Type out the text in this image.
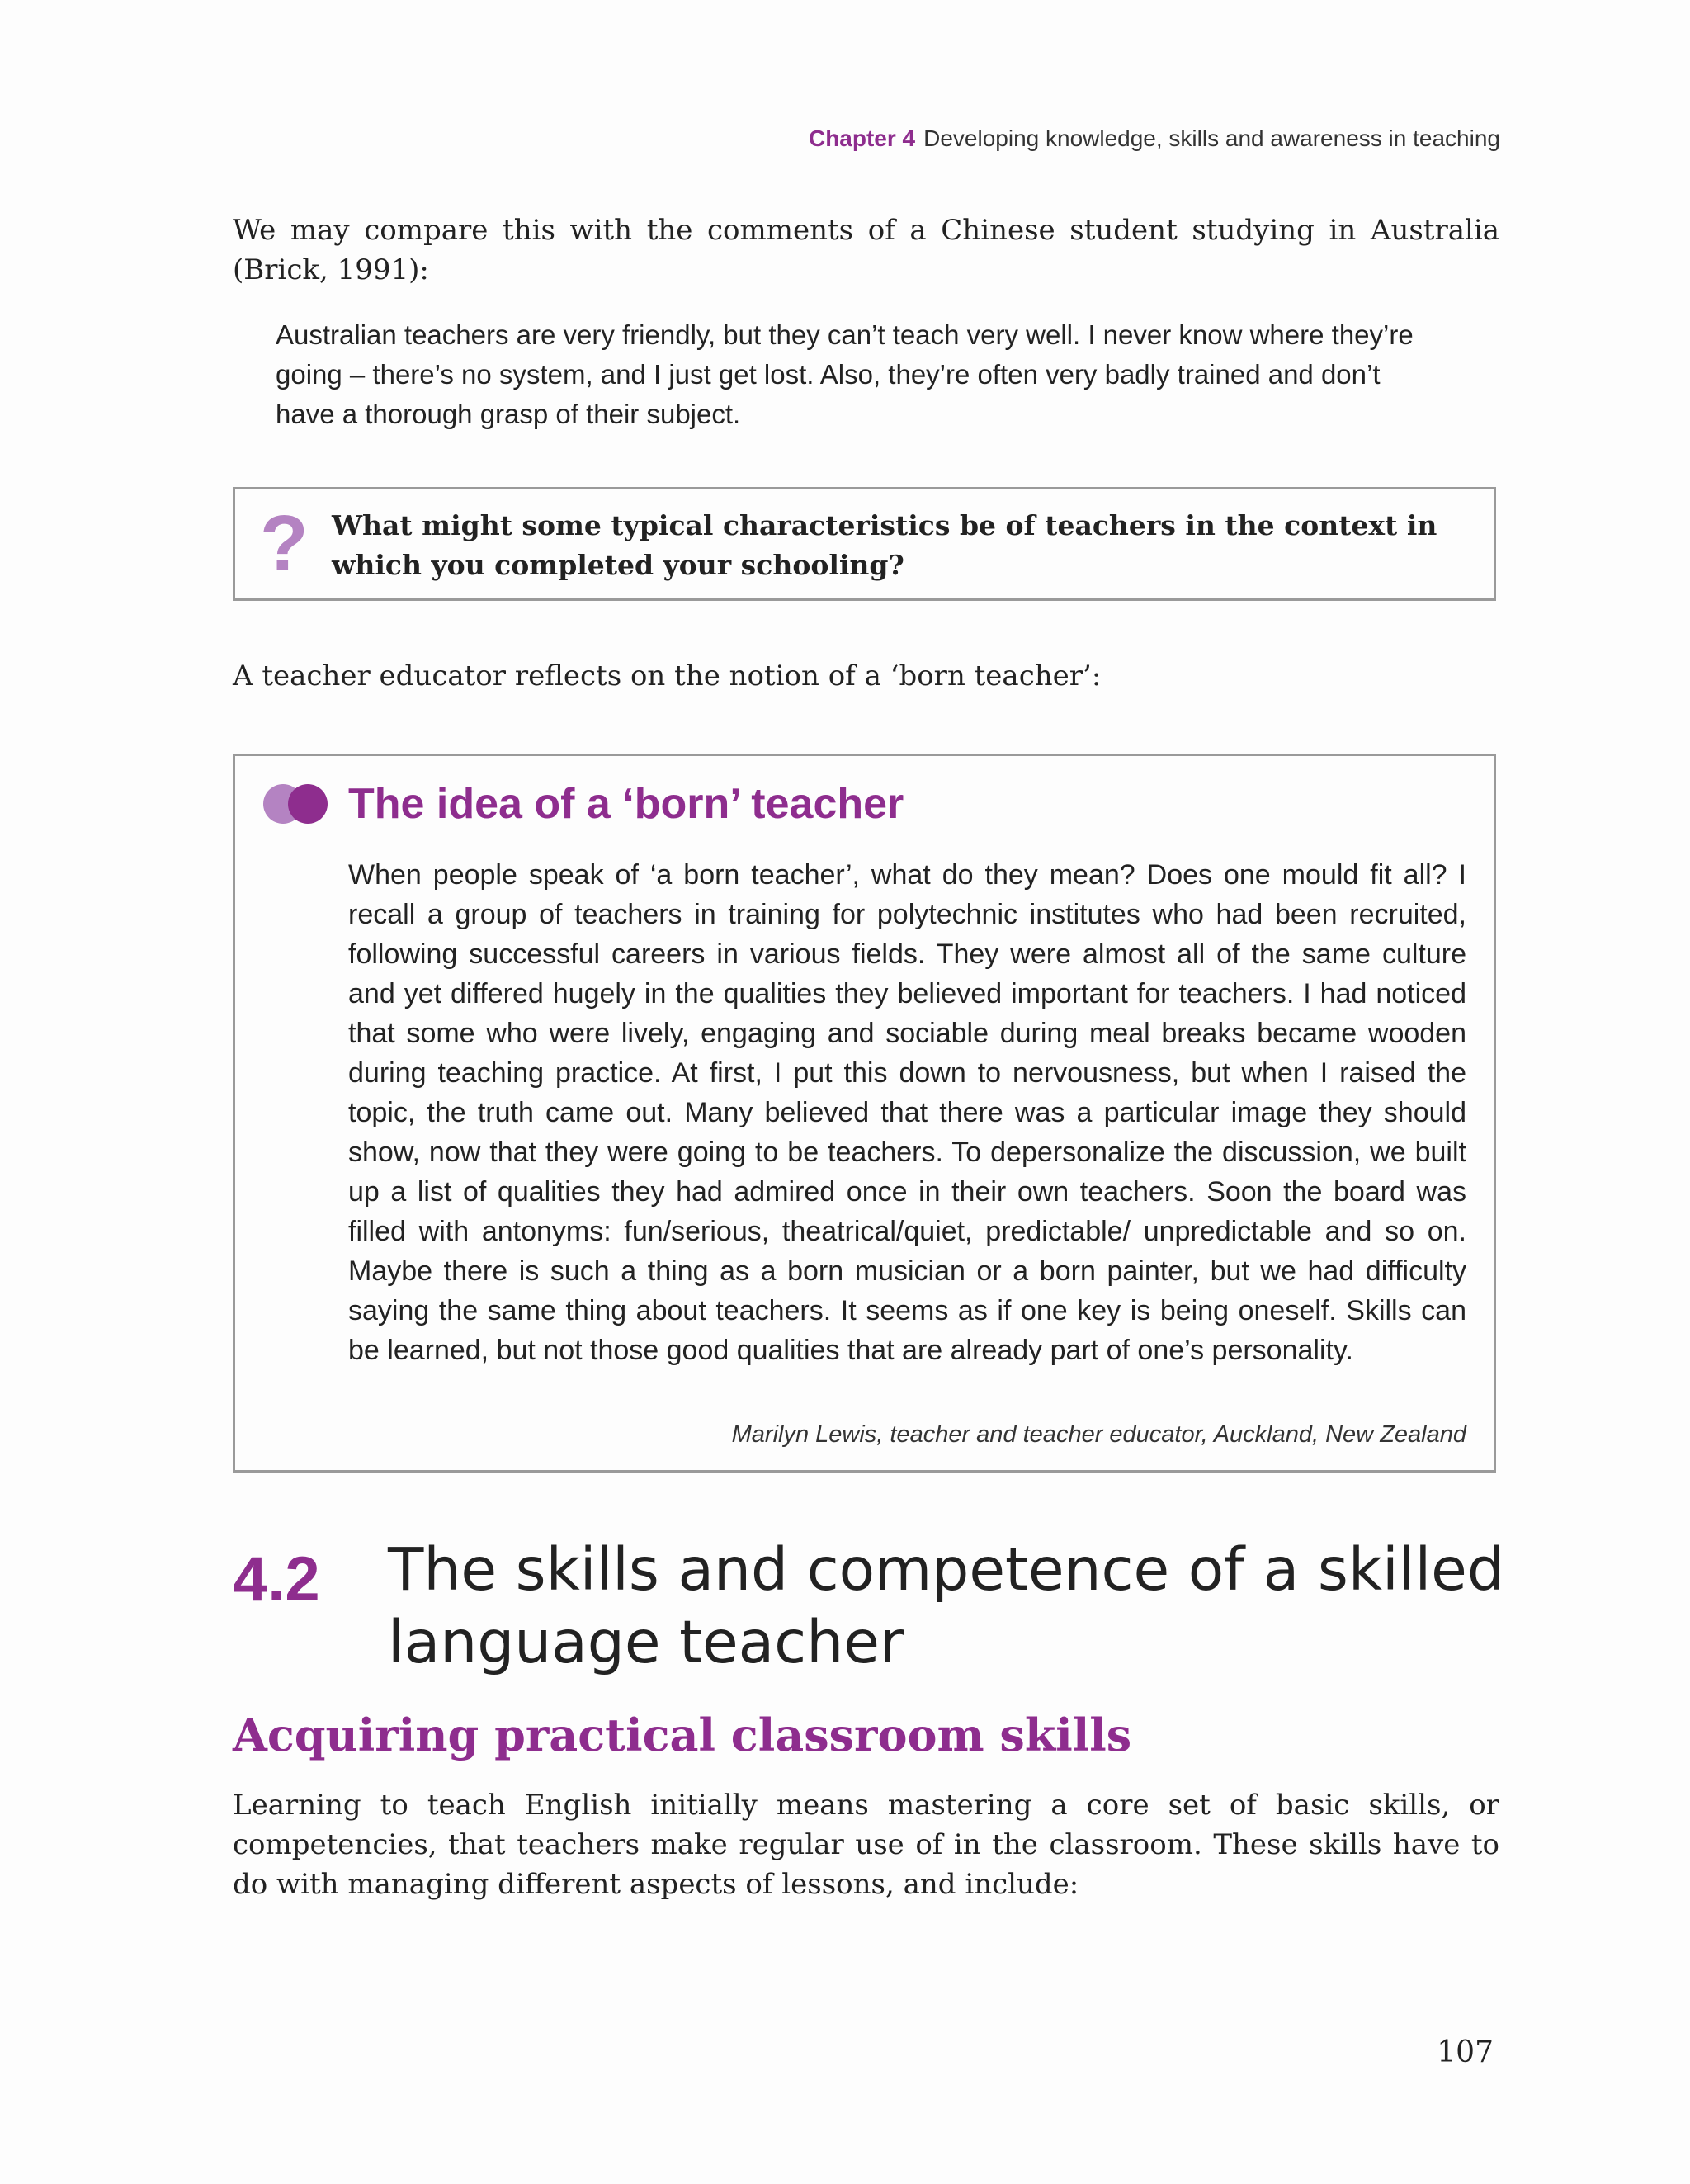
Chapter 4 Developing knowledge, skills and awareness in teaching

We may compare this with the comments of a Chinese student studying in Australia (Brick, 1991):

Australian teachers are very friendly, but they can’t teach very well. I never know where they’re going – there’s no system, and I just get lost. Also, they’re often very badly trained and don’t have a thorough grasp of their subject.

? What might some typical characteristics be of teachers in the context in which you completed your schooling?

A teacher educator reflects on the notion of a ‘born teacher’:

The idea of a ‘born’ teacher

When people speak of ‘a born teacher’, what do they mean? Does one mould fit all? I recall a group of teachers in training for polytechnic institutes who had been recruited, following successful careers in various fields. They were almost all of the same culture and yet differed hugely in the qualities they believed important for teachers. I had noticed that some who were lively, engaging and sociable during meal breaks became wooden during teaching practice. At first, I put this down to nervousness, but when I raised the topic, the truth came out. Many believed that there was a particular image they should show, now that they were going to be teachers. To depersonalize the discussion, we built up a list of qualities they had admired once in their own teachers. Soon the board was filled with antonyms: fun/serious, theatrical/quiet, predictable/ unpredictable and so on. Maybe there is such a thing as a born musician or a born painter, but we had difficulty saying the same thing about teachers. It seems as if one key is being oneself. Skills can be learned, but not those good qualities that are already part of one’s personality.

Marilyn Lewis, teacher and teacher educator, Auckland, New Zealand
4.2 The skills and competence of a skilled language teacher
Acquiring practical classroom skills

Learning to teach English initially means mastering a core set of basic skills, or competencies, that teachers make regular use of in the classroom. These skills have to do with managing different aspects of lessons, and include:

107
